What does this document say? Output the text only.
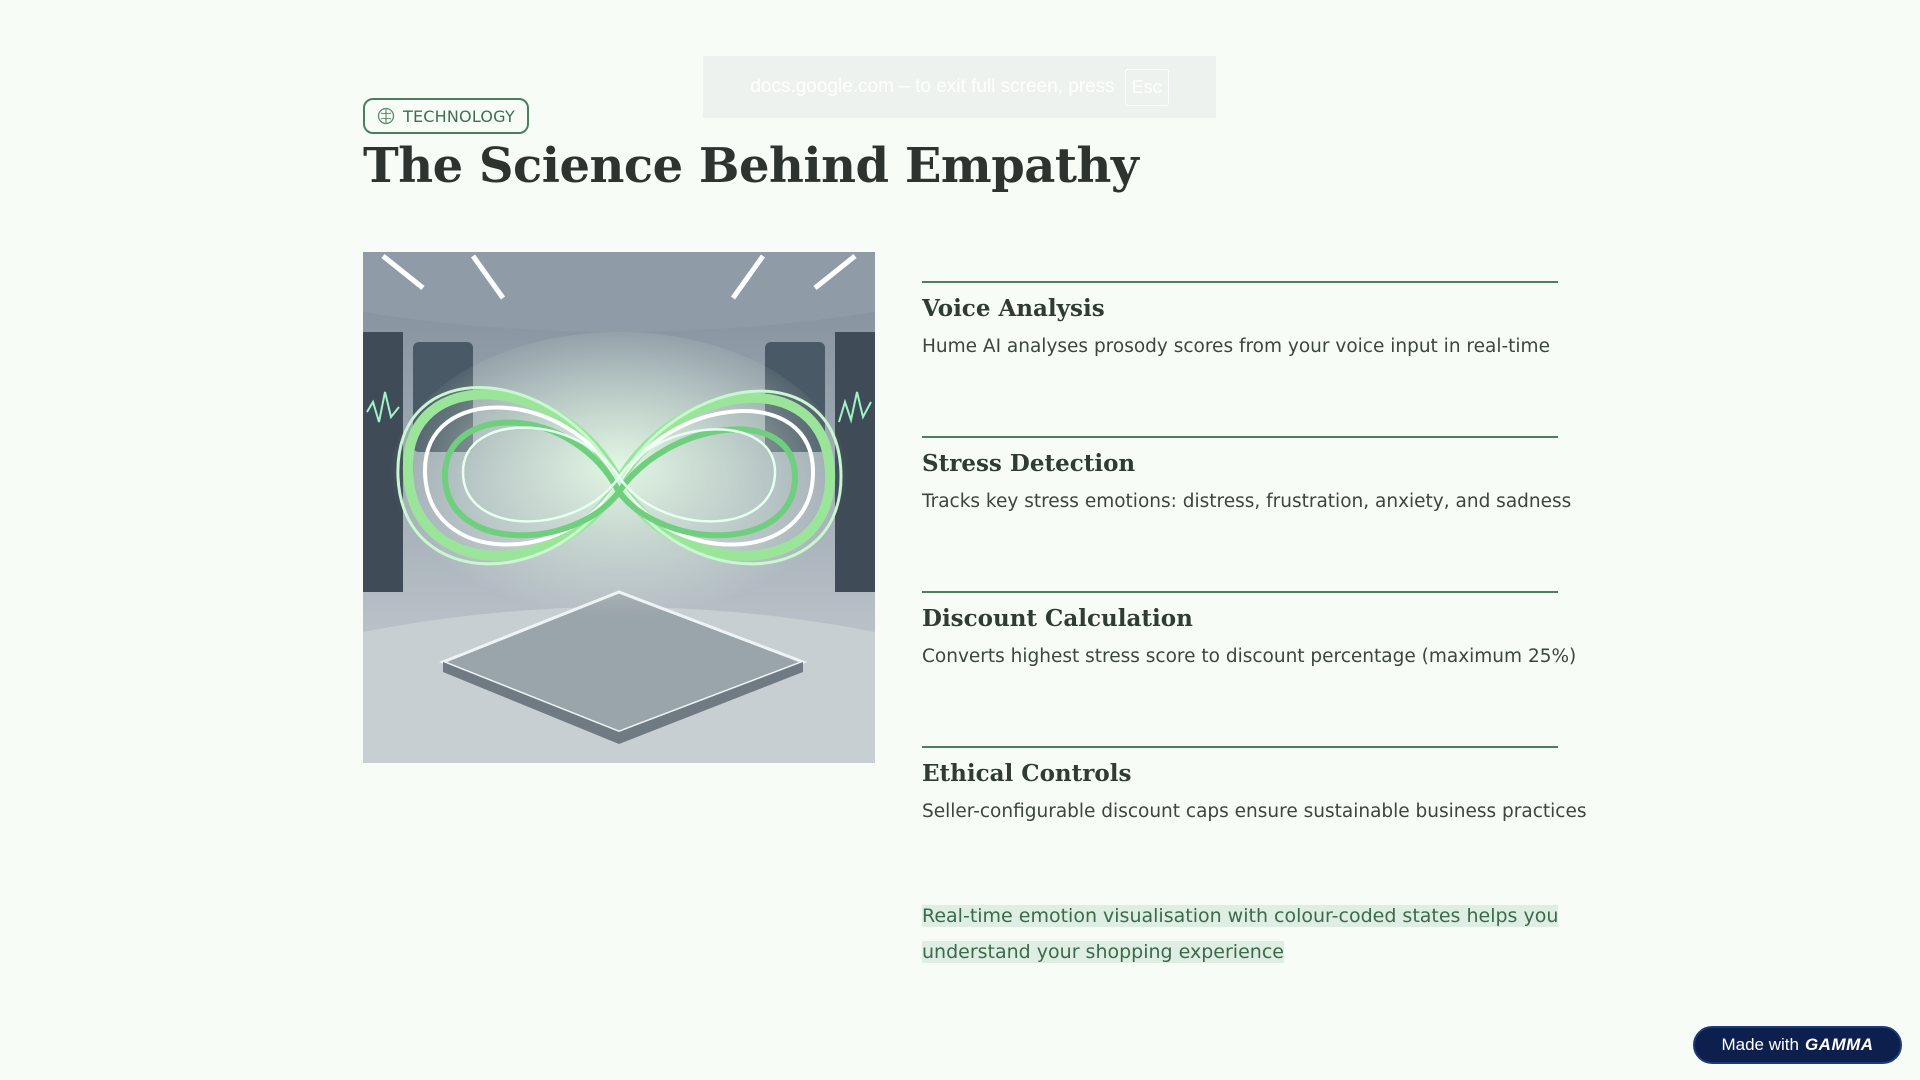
docs.google.com – to exit full screen, press Esc
TECHNOLOGY
The Science Behind Empathy
Voice Analysis

Hume AI analyses prosody scores from your voice input in real-time

Stress Detection

Tracks key stress emotions: distress, frustration, anxiety, and sadness

Discount Calculation

Converts highest stress score to discount percentage (maximum 25%)

Ethical Controls

Seller-configurable discount caps ensure sustainable business practices

Real-time emotion visualisation with colour-coded states helps you understand your shopping experience
Made with GAMMA
